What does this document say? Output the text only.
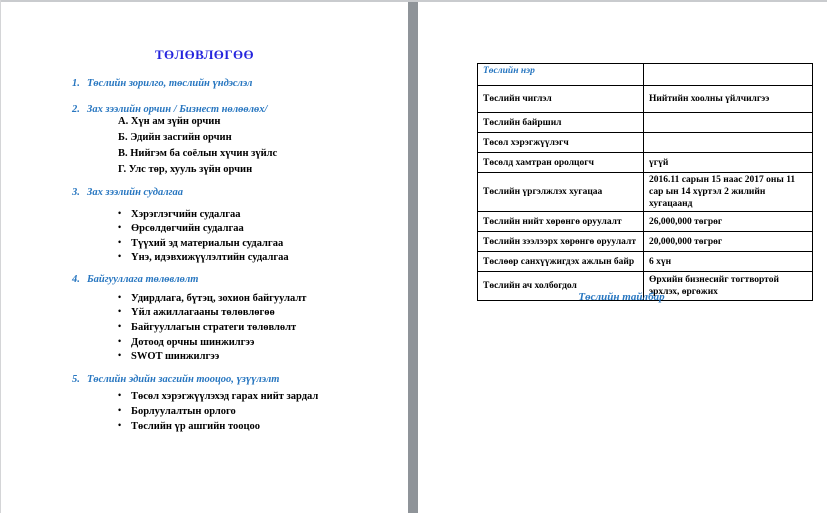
ТӨЛӨВЛӨГӨӨ
1. Төслийн зорилго, төслийн үндэслэл
2. Зах зээлийн орчин / Бизнест нөлөөлөх/
А. Хүн ам зүйн орчин
Б. Эдийн засгийн орчин
В. Нийгэм ба соёлын хүчин зүйлс
Г. Улс төр, хууль зүйн орчин
3. Зах зээлийн судалгаа
• Хэрэглэгчийн судалгаа
• Өрсөлдөгчийн судалгаа
• Түүхий эд материалын судалгаа
• Үнэ, идэвхижүүлэлтийн судалгаа
4. Байгууллага төлөвлөлт
• Удирдлага, бүтэц, зохион байгуулалт
• Үйл ажиллагааны төлөвлөгөө
• Байгууллагын стратеги төлөвлөлт
• Дотоод орчны шинжилгээ
• SWOT шинжилгээ
5. Төслийн эдийн засгийн тооцоо, үзүүлэлт
• Төсөл хэрэгжүүлэхэд гарах нийт зардал
• Борлуулалтын орлого
• Төслийн үр ашгийн тооцоо
Төслийн нэр	
Төслийн чиглэл	Нийтийн хоолны үйлчилгээ
Төслийн байршил	
Төсөл хэрэгжүүлэгч	
Төсөлд хамтран оролцогч	үгүй
Төслийн үргэлжлэх хугацаа	2016.11 сарын 15 наас 2017 оны 11 сар ын 14 хүртэл 2 жилийн хугацаанд
Төслийн нийт хөрөнгө оруулалт	26,000,000 төгрөг
Төслийн зээлээрх хөрөнгө оруулалт	20,000,000 төгрөг
Төслөөр санхүүжигдэх ажлын байр	6 хүн
Төслийн ач холбогдол	Өрхийн бизнесийг тогтвортой эрхлэх, өргөжих
Төслийн тайлбар
